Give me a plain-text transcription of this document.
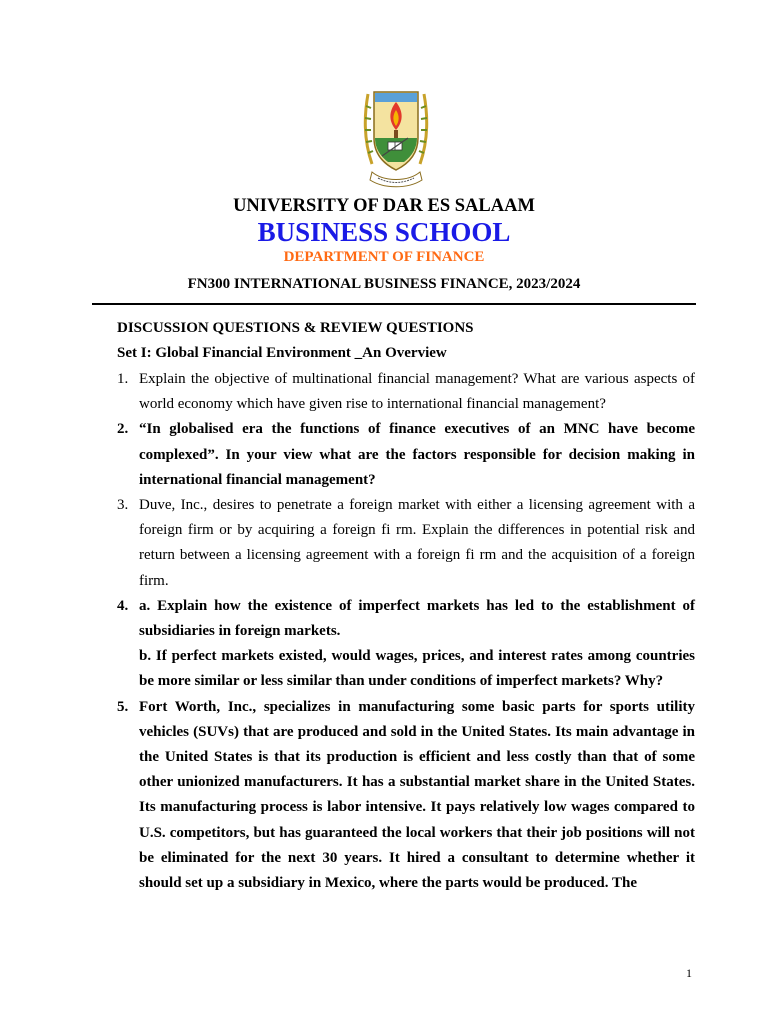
UNIVERSITY OF DAR ES SALAAM
BUSINESS SCHOOL
DEPARTMENT OF FINANCE
FN300 INTERNATIONAL BUSINESS FINANCE, 2023/2024
DISCUSSION QUESTIONS & REVIEW QUESTIONS
Set I: Global Financial Environment _An Overview
1. Explain the objective of multinational financial management? What are various aspects of world economy which have given rise to international financial management?
2. “In globalised era the functions of finance executives of an MNC have become complexed”. In your view what are the factors responsible for decision making in international financial management?
3. Duve, Inc., desires to penetrate a foreign market with either a licensing agreement with a foreign firm or by acquiring a foreign fi rm. Explain the differences in potential risk and return between a licensing agreement with a foreign fi rm and the acquisition of a foreign firm.
4. a. Explain how the existence of imperfect markets has led to the establishment of subsidiaries in foreign markets.
b. If perfect markets existed, would wages, prices, and interest rates among countries be more similar or less similar than under conditions of imperfect markets? Why?
5. Fort Worth, Inc., specializes in manufacturing some basic parts for sports utility vehicles (SUVs) that are produced and sold in the United States. Its main advantage in the United States is that its production is efficient and less costly than that of some other unionized manufacturers. It has a substantial market share in the United States. Its manufacturing process is labor intensive. It pays relatively low wages compared to U.S. competitors, but has guaranteed the local workers that their job positions will not be eliminated for the next 30 years. It hired a consultant to determine whether it should set up a subsidiary in Mexico, where the parts would be produced. The
1
